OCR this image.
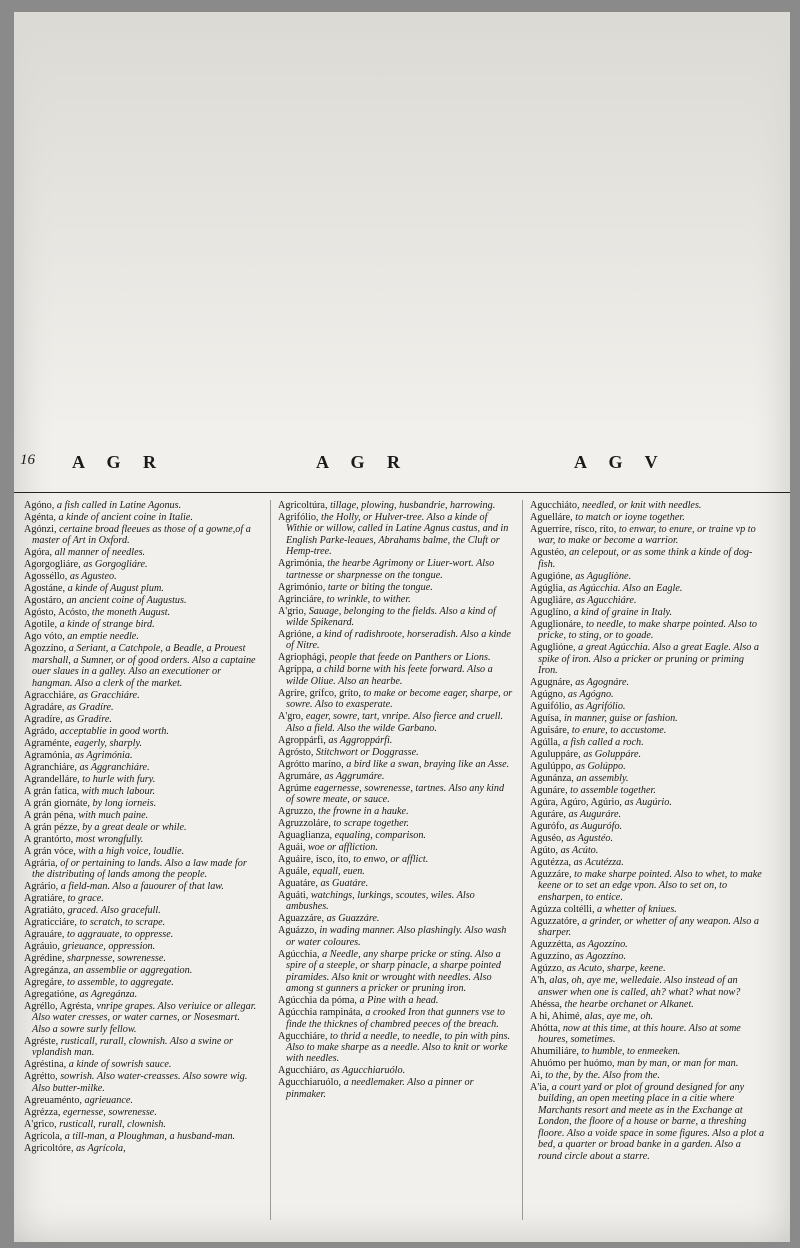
16 A G R	A G R	A G V

Agóno, a fish called in Latine Agonus.

Agénta, a kinde of ancient coine in Italie.

Agónzi, certaine broad fleeues as those of a gowne,of a master of Art in Oxford.

Agóra, all manner of needles.

Agorgogliáre, as Gorgogliáre.

Agosséllo, as Agusteo.

Agostáne, a kinde of August plum.

Agostáro, an ancient coine of Augustus.

Agósto, Acósto, the moneth August.

Agotile, a kinde of strange bird.

Ago vóto, an emptie needle.

Agozzíno, a Seriant, a Catchpole, a Beadle, a Prouest marshall, a Sumner, or of good orders. Also a captaine ouer slaues in a galley. Also an executioner or hangman. Also a clerk of the market.

Agracchiáre, as Gracchiáre.

Agradáre, as Gradíre.

Agradíre, as Gradíre.

Agrádo, acceptablie in good worth.

Agraménte, eagerly, sharply.

Agramónia, as Agrimónia.

Agranchiáre, as Aggranchiáre.

Agrandelláre, to hurle with fury.

A grán fatica, with much labour.

A grán giornáte, by long iorneis.

A grán péna, with much paine.

A grán pézze, by a great deale or while.

A grantórto, most wrongfully.

A grán vóce, with a high voice, loudlie.

Agrária, of or pertaining to lands. Also a law made for the distributing of lands among the people.

Agrário, a field-man. Also a fauourer of that law.

Agratiáre, to grace.

Agratiáto, graced. Also gracefull.

Agraticciáre, to scratch, to scrape.

Agrauáre, to aggrauate, to oppresse.

Agráuio, grieuance, oppression.

Agrédine, sharpnesse, sowrenesse.

Agregánza, an assemblie or aggregation.

Agregáre, to assemble, to aggregate.

Agregatióne, as Agregánza.

Agréllo, Agrésta, vnripe grapes. Also veriuice or allegar. Also water cresses, or water carnes, or Nosesmart. Also a sowre surly fellow.

Agréste, rusticall, rurall, clownish. Also a swine or vplandish man.

Agréstina, a kinde of sowrish sauce.

Agrétto, sowrish. Also water-creasses. Also sowre wig. Also butter-milke.

Agreuaménto, agrieuance.

Agrézza, egernesse, sowrenesse.

A'grico, rusticall, rurall, clownish.

Agrícola, a till-man, a Ploughman, a husband-man.

Agricoltóre, as Agrícola,

Agricoltúra, tillage, plowing, husbandrie, harrowing.

Agrifólio, the Holly, or Hulver-tree. Also a kinde of Withie or willow, called in Latine Agnus castus, and in English Parke-leaues, Abrahams balme, the Cluft or Hemp-tree.

Agrimónia, the hearbe Agrimony or Liuer-wort. Also tartnesse or sharpnesse on the tongue.

Agrimónio, tarte or biting the tongue.

Agrinciáre, to wrinkle, to wither.

A'grio, Sauage, belonging to the fields. Also a kind of wilde Spikenard.

Agrióne, a kind of radishroote, horseradish. Also a kinde of Nitre.

Agriophági, people that feede on Panthers or Lions.

Agríppa, a child borne with his feete forward. Also a wilde Oliue. Also an hearbe.

Agríre, grífco, gríto, to make or become eager, sharpe, or sowre. Also to exasperate.

A'gro, eager, sowre, tart, vnripe. Also fierce and cruell. Also a field. Also the wilde Garbano.

Agroppárfi, as Aggroppárfi.

Agrósto, Stitchwort or Doggrasse.

Agrótto maríno, a bird like a swan, braying like an Asse.

Agrumáre, as Aggrumáre.

Agrúme eagernesse, sowrenesse, tartnes. Also any kind of sowre meate, or sauce.

Agruzzo, the frowne in a hauke.

Agruzzoláre, to scrape together.

Aguaglianza, equaling, comparison.

Aguái, woe or affliction.

Aguáire, ísco, íto, to enwo, or afflict.

Aguále, equall, euen.

Aguatáre, as Guatáre.

Aguáti, watchings, lurkings, scoutes, wiles. Also ambushes.

Aguazzáre, as Guazzáre.

Aguázzo, in wading manner. Also plashingly. Also wash or water coloures.

Agúcchia, a Needle, any sharpe pricke or sting. Also a spire of a steeple, or sharp pinacle, a sharpe pointed piramides. Also knit or wrought with needles. Also among st gunners a pricker or pruning iron.

Agúcchia da póma, a Pine with a head.

Agúcchia rampináta, a crooked Iron that gunners vse to finde the thicknes of chambred peeces of the breach.

Agucchiáre, to thrid a needle, to needle, to pin with pins. Also to make sharpe as a needle. Also to knit or worke with needles.

Agucchiáro, as Agucchiaruólo.

Agucchiaruólo, a needlemaker. Also a pinner or pinmaker.

Agucchiáto, needled, or knit with needles.

Aguelláre, to match or ioyne together.

Aguerríre, rísco, ríto, to enwar, to enure, or traine vp to war, to make or become a warrior.

Agustéo, an celepout, or as some think a kinde of dog-fish.

Agugióne, as Agugliòne.

Agúglia, as Agúcchia. Also an Eagle.

Agugliáre, as Agucchiáre.

Aguglíno, a kind of graine in Italy.

Aguglionáre, to needle, to make sharpe pointed. Also to pricke, to sting, or to goade.

Aguglióne, a great Agúcchia. Also a great Eagle. Also a spike of iron. Also a pricker or pruning or priming Iron.

Agugnáre, as Agognáre.

Agúgno, as Agógno.

Aguifólio, as Agrifólio.

Aguísa, in manner, guise or fashion.

Aguisáre, to enure, to accustome.

Agúlla, a fish called a roch.

Aguluppáre, as Goluppáre.

Agulúppo, as Golúppo.

Agunánza, an assembly.

Agunáre, to assemble together.

Agúra, Agúro, Agúrio, as Augúrio.

Aguráre, as Auguráre.

Agurófo, as Augurófo.

Aguséo, as Agustéo.

Agúto, as Acúto.

Agutézza, as Acutézza.

Aguzzáre, to make sharpe pointed. Also to whet, to make keene or to set an edge vpon. Also to set on, to ensharpen, to entice.

Agúzza coltélli, a whetter of kniues.

Aguzzatóre, a grinder, or whetter of any weapon. Also a sharper.

Aguzzétta, as Agozzíno.

Aguzzíno, as Agozzíno.

Agúzzo, as Acuto, sharpe, keene.

A'h, alas, oh, aye me, welledaie. Also instead of an answer when one is called, ah? what? what now?

Ahéssa, the hearbe orchanet or Alkanet.

A hi, Ahimé, alas, aye me, oh.

Ahótta, now at this time, at this houre. Also at some houres, sometimes.

Ahumiliáre, to humble, to enmeeken.

Ahuómo per huómo, man by man, or man for man.

Ai, to the, by the. Also from the.

A'ia, a court yard or plot of ground designed for any building, an open meeting place in a citie where Marchants resort and meete as in the Exchange at London, the floore of a house or barne, a threshing floore. Also a voide space in some figures. Also a plot a bed, a quarter or broad banke in a garden. Also a round circle about a starre.
